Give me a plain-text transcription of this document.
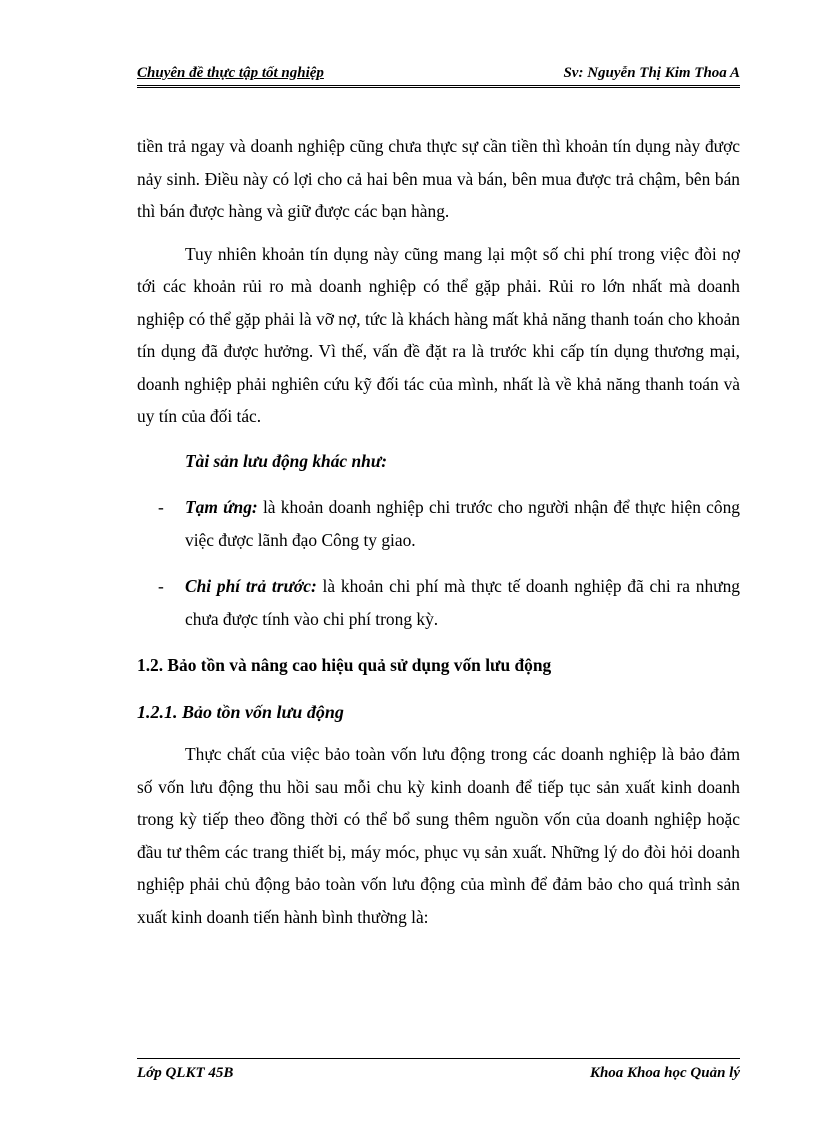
Chuyên đề thực tập tốt nghiệp	Sv: Nguyễn Thị Kim Thoa A

tiền trả ngay và doanh nghiệp cũng chưa thực sự cần tiền thì khoản tín dụng này được nảy sinh. Điều này có lợi cho cả hai bên mua và bán, bên mua được trả chậm, bên bán thì bán được hàng và giữ được các bạn hàng.

Tuy nhiên khoản tín dụng này cũng mang lại một số chi phí trong việc đòi nợ tới các khoản rủi ro mà doanh nghiệp có thể gặp phải. Rủi ro lớn nhất mà doanh nghiệp có thể gặp phải là vỡ nợ, tức là khách hàng mất khả năng thanh toán cho khoản tín dụng đã được hưởng. Vì thế, vấn đề đặt ra là trước khi cấp tín dụng thương mại, doanh nghiệp phải nghiên cứu kỹ đối tác của mình, nhất là về khả năng thanh toán và uy tín của đối tác.

Tài sản lưu động khác như:

- Tạm ứng: là khoản doanh nghiệp chi trước cho người nhận để thực hiện công việc được lãnh đạo Công ty giao.
- Chi phí trả trước: là khoản chi phí mà thực tế doanh nghiệp đã chi ra nhưng chưa được tính vào chi phí trong kỳ.

1.2. Bảo tồn và nâng cao hiệu quả sử dụng vốn lưu động

1.2.1. Bảo tồn vốn lưu động

Thực chất của việc bảo toàn vốn lưu động trong các doanh nghiệp là bảo đảm số vốn lưu động thu hồi sau mỗi chu kỳ kinh doanh để tiếp tục sản xuất kinh doanh trong kỳ tiếp theo đồng thời có thể bổ sung thêm nguồn vốn của doanh nghiệp hoặc đầu tư thêm các trang thiết bị, máy móc, phục vụ sản xuất. Những lý do đòi hỏi doanh nghiệp phải chủ động bảo toàn vốn lưu động của mình để đảm bảo cho quá trình sản xuất kinh doanh tiến hành bình thường là:

Lớp QLKT 45B	Khoa Khoa học Quản lý
